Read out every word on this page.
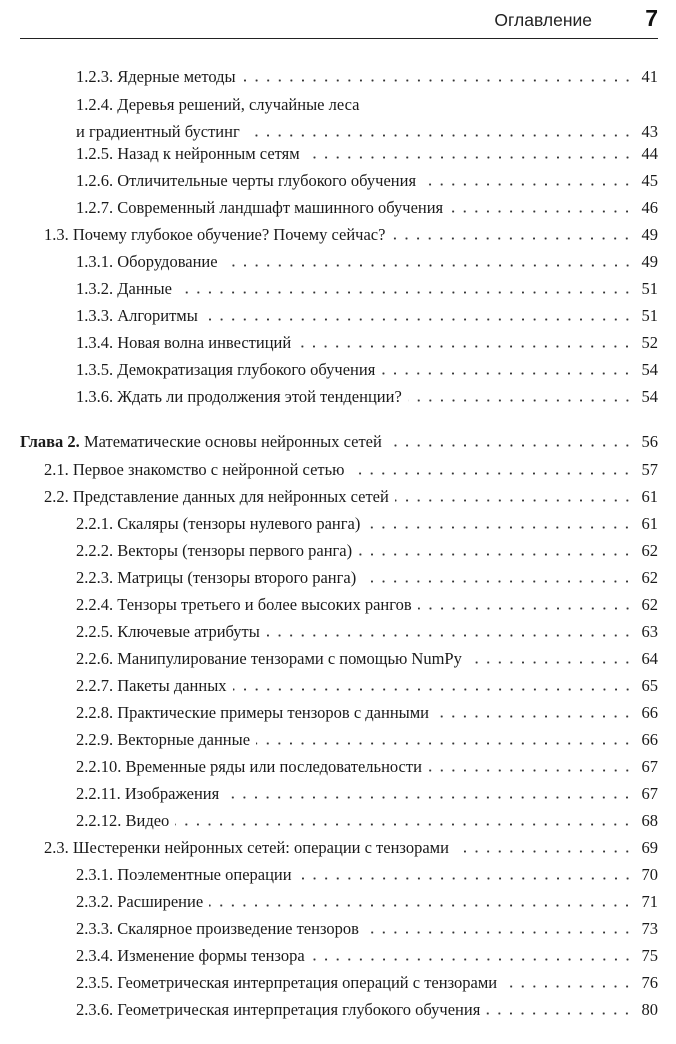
Оглавление 7
1.2.3. Ядерные методы	41
1.2.4. Деревья решений, случайные леса
и градиентный бустинг	43
1.2.5. Назад к нейронным сетям	44
1.2.6. Отличительные черты глубокого обучения	45
1.2.7. Современный ландшафт машинного обучения	46
1.3. Почему глубокое обучение? Почему сейчас?	49
1.3.1. Оборудование	49
1.3.2. Данные	51
1.3.3. Алгоритмы	51
1.3.4. Новая волна инвестиций	52
1.3.5. Демократизация глубокого обучения	54
1.3.6. Ждать ли продолжения этой тенденции?	54
Глава 2. Математические основы нейронных сетей	56
2.1. Первое знакомство с нейронной сетью	57
2.2. Представление данных для нейронных сетей	61
2.2.1. Скаляры (тензоры нулевого ранга)	61
2.2.2. Векторы (тензоры первого ранга)	62
2.2.3. Матрицы (тензоры второго ранга)	62
2.2.4. Тензоры третьего и более высоких рангов	62
2.2.5. Ключевые атрибуты	63
2.2.6. Манипулирование тензорами с помощью NumPy	64
2.2.7. Пакеты данных	65
2.2.8. Практические примеры тензоров с данными	66
2.2.9. Векторные данные	66
2.2.10. Временные ряды или последовательности	67
2.2.11. Изображения	67
2.2.12. Видео	68
2.3. Шестеренки нейронных сетей: операции с тензорами	69
2.3.1. Поэлементные операции	70
2.3.2. Расширение	71
2.3.3. Скалярное произведение тензоров	73
2.3.4. Изменение формы тензора	75
2.3.5. Геометрическая интерпретация операций с тензорами	76
2.3.6. Геометрическая интерпретация глубокого обучения	80
